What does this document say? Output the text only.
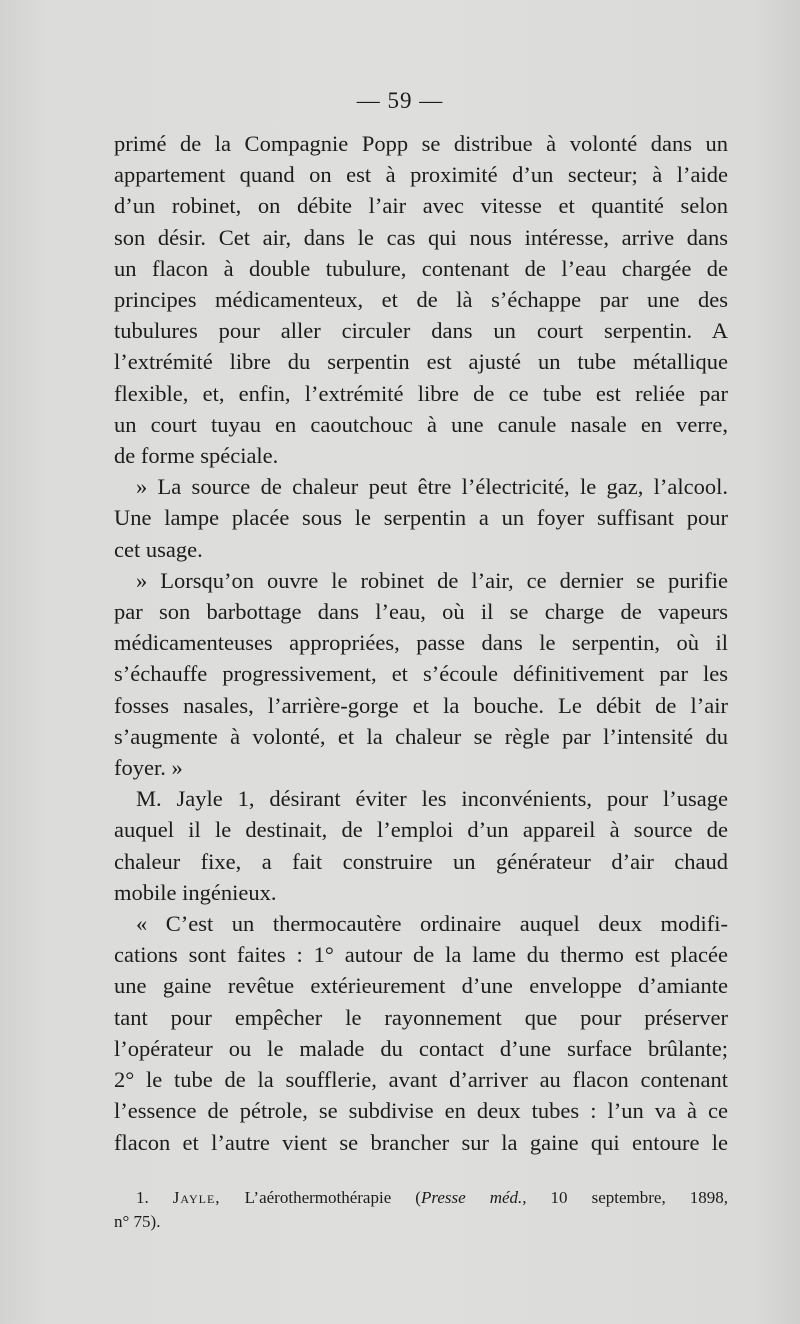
— 59 —

primé de la Compagnie Popp se distribue à volonté dans un

appartement quand on est à proximité d’un secteur; à l’aide

d’un robinet, on débite l’air avec vitesse et quantité selon

son désir. Cet air, dans le cas qui nous intéresse, arrive dans

un flacon à double tubulure, contenant de l’eau chargée de

principes médicamenteux, et de là s’échappe par une des

tubulures pour aller circuler dans un court serpentin. A

l’extrémité libre du serpentin est ajusté un tube métallique

flexible, et, enfin, l’extrémité libre de ce tube est reliée par

un court tuyau en caoutchouc à une canule nasale en verre,

de forme spéciale.

» La source de chaleur peut être l’électricité, le gaz, l’alcool.

Une lampe placée sous le serpentin a un foyer suffisant pour

cet usage.

» Lorsqu’on ouvre le robinet de l’air, ce dernier se purifie

par son barbottage dans l’eau, où il se charge de vapeurs

médicamenteuses appropriées, passe dans le serpentin, où il

s’échauffe progressivement, et s’écoule définitivement par les

fosses nasales, l’arrière-gorge et la bouche. Le débit de l’air

s’augmente à volonté, et la chaleur se règle par l’intensité du

foyer. »

M. Jayle 1, désirant éviter les inconvénients, pour l’usage

auquel il le destinait, de l’emploi d’un appareil à source de

chaleur fixe, a fait construire un générateur d’air chaud

mobile ingénieux.

« C’est un thermocautère ordinaire auquel deux modifi-

cations sont faites : 1° autour de la lame du thermo est placée

une gaine revêtue extérieurement d’une enveloppe d’amiante

tant pour empêcher le rayonnement que pour préserver

l’opérateur ou le malade du contact d’une surface brûlante;

2° le tube de la soufflerie, avant d’arriver au flacon contenant

l’essence de pétrole, se subdivise en deux tubes : l’un va à ce

flacon et l’autre vient se brancher sur la gaine qui entoure le

1. Jayle, L’aérothermothérapie (Presse méd., 10 septembre, 1898,

n° 75).
